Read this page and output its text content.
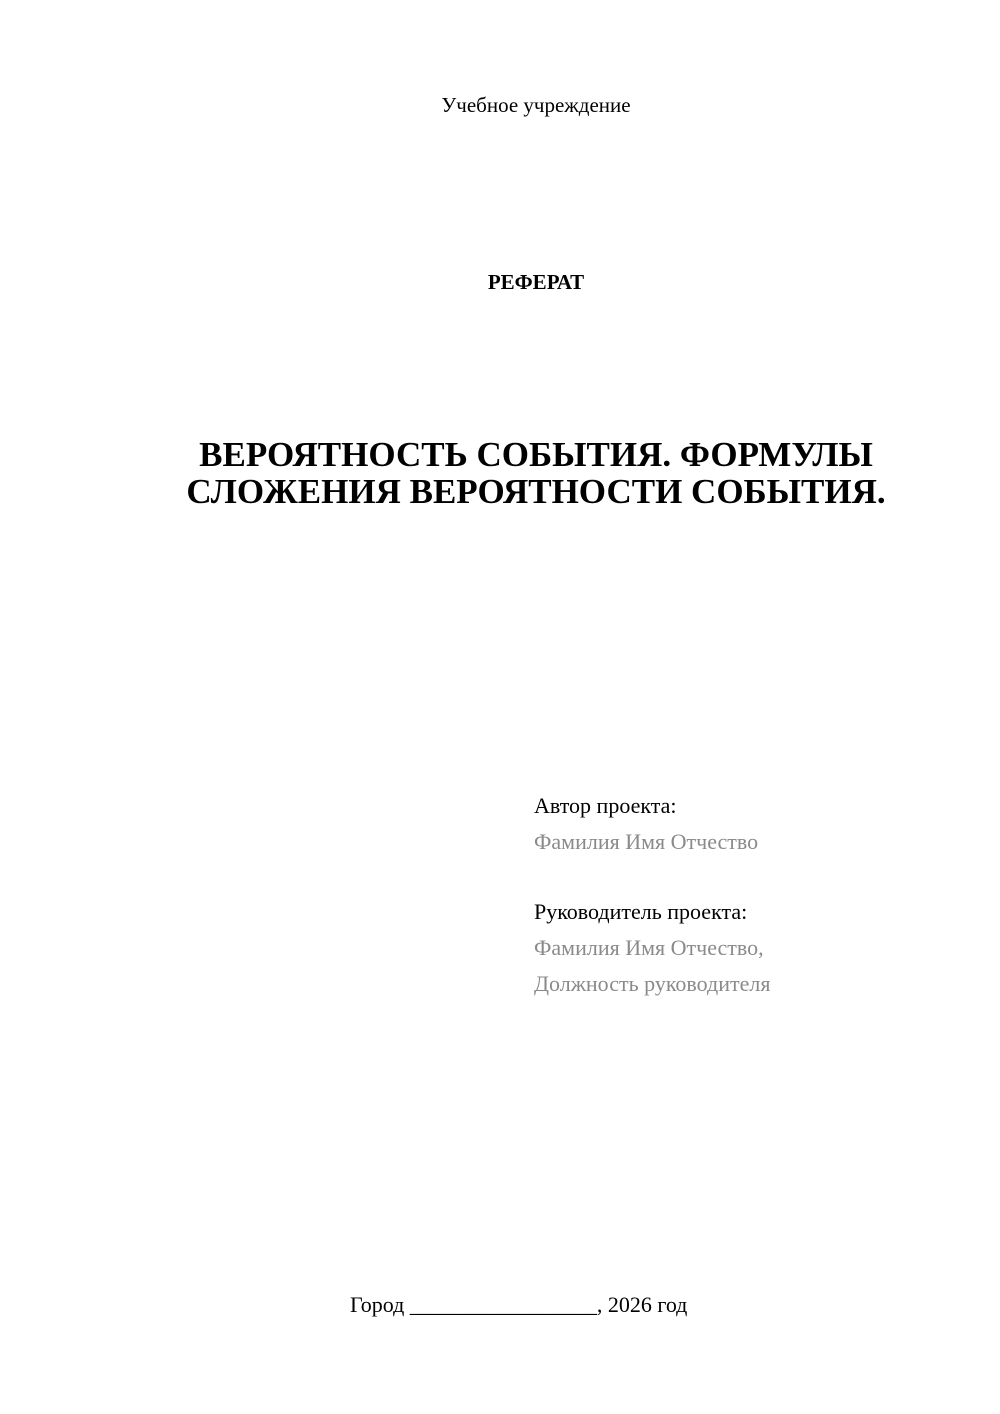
Учебное учреждение
РЕФЕРАТ
ВЕРОЯТНОСТЬ СОБЫТИЯ. ФОРМУЛЫ
СЛОЖЕНИЯ ВЕРОЯТНОСТИ СОБЫТИЯ.
Автор проекта:
Фамилия Имя Отчество
Руководитель проекта:
Фамилия Имя Отчество,
Должность руководителя
Город _________________, 2026 год
